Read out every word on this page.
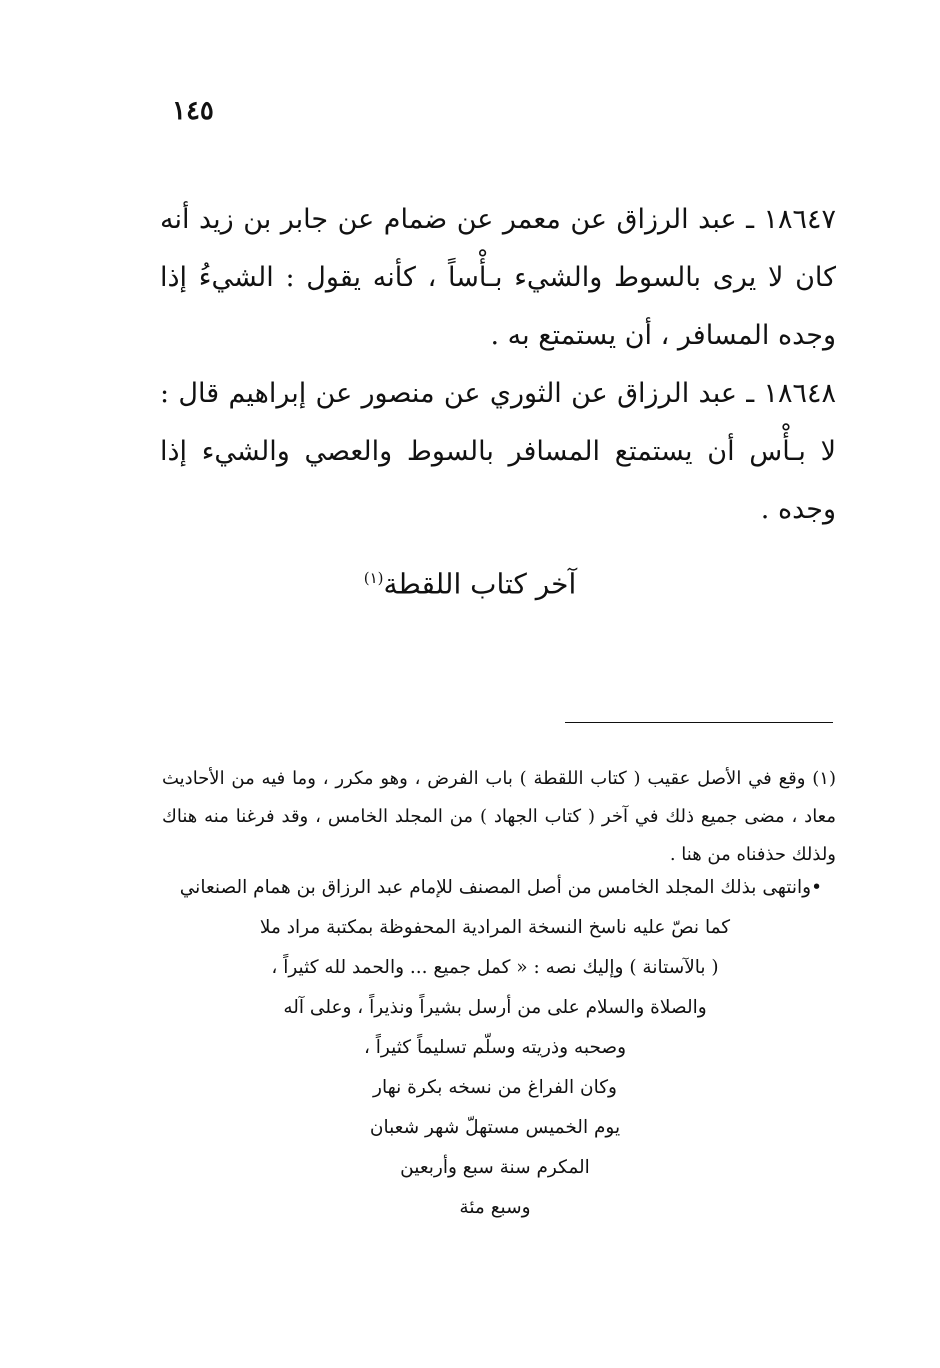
١٤٥

١٨٦٤٧ ـ عبد الرزاق عن معمر عن ضمام عن جابر بن زيد أنه كان لا يرى بالسوط والشيء بـأْساً ، كأنه يقول : الشيءُ إذا وجده المسافر ، أن يستمتع به .

١٨٦٤٨ ـ عبد الرزاق عن الثوري عن منصور عن إبراهيم قال : لا بـأْس أن يستمتع المسافر بالسوط والعصي والشيء إذا وجده .

آخر كتاب اللقطة$^{(١)}$

(١) وقع في الأصل عقيب ( كتاب اللقطة ) باب الفرض ، وهو مكرر ، وما فيه من الأحاديث معاد ، مضى جميع ذلك في آخر ( كتاب الجهاد ) من المجلد الخامس ، وقد فرغنا منه هناك ولذلك حذفناه من هنا .

•وانتهى بذلك المجلد الخامس من أصل المصنف للإمام عبد الرزاق بن همام الصنعاني
كما نصّ عليه ناسخ النسخة المرادية المحفوظة بمكتبة مراد ملا
( بالآستانة ) وإليك نصه : « كمل جميع ... والحمد لله كثيراً ،
والصلاة والسلام على من أرسل بشيراً ونذيراً ، وعلى آله
وصحبه وذريته وسلّم تسليماً كثيراً ،
وكان الفراغ من نسخه بكرة نهار
يوم الخميس مستهلّ شهر شعبان
المكرم سنة سبع وأربعين
وسبع مئة
